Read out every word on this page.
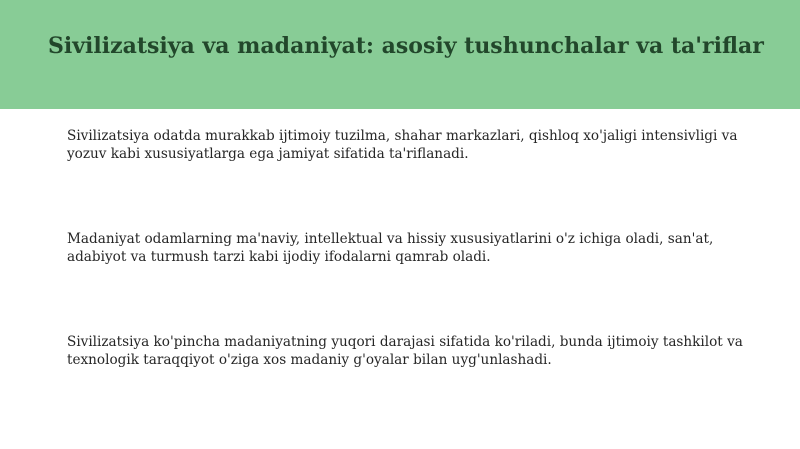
Sivilizatsiya va madaniyat: asosiy tushunchalar va ta'riflar

Sivilizatsiya odatda murakkab ijtimoiy tuzilma, shahar markazlari, qishloq xo'jaligi intensivligi va yozuv kabi xususiyatlarga ega jamiyat sifatida ta'riflanadi.

Madaniyat odamlarning ma'naviy, intellektual va hissiy xususiyatlarini o'z ichiga oladi, san'at, adabiyot va turmush tarzi kabi ijodiy ifodalarni qamrab oladi.

Sivilizatsiya ko'pincha madaniyatning yuqori darajasi sifatida ko'riladi, bunda ijtimoiy tashkilot va texnologik taraqqiyot o'ziga xos madaniy g'oyalar bilan uyg'unlashadi.
